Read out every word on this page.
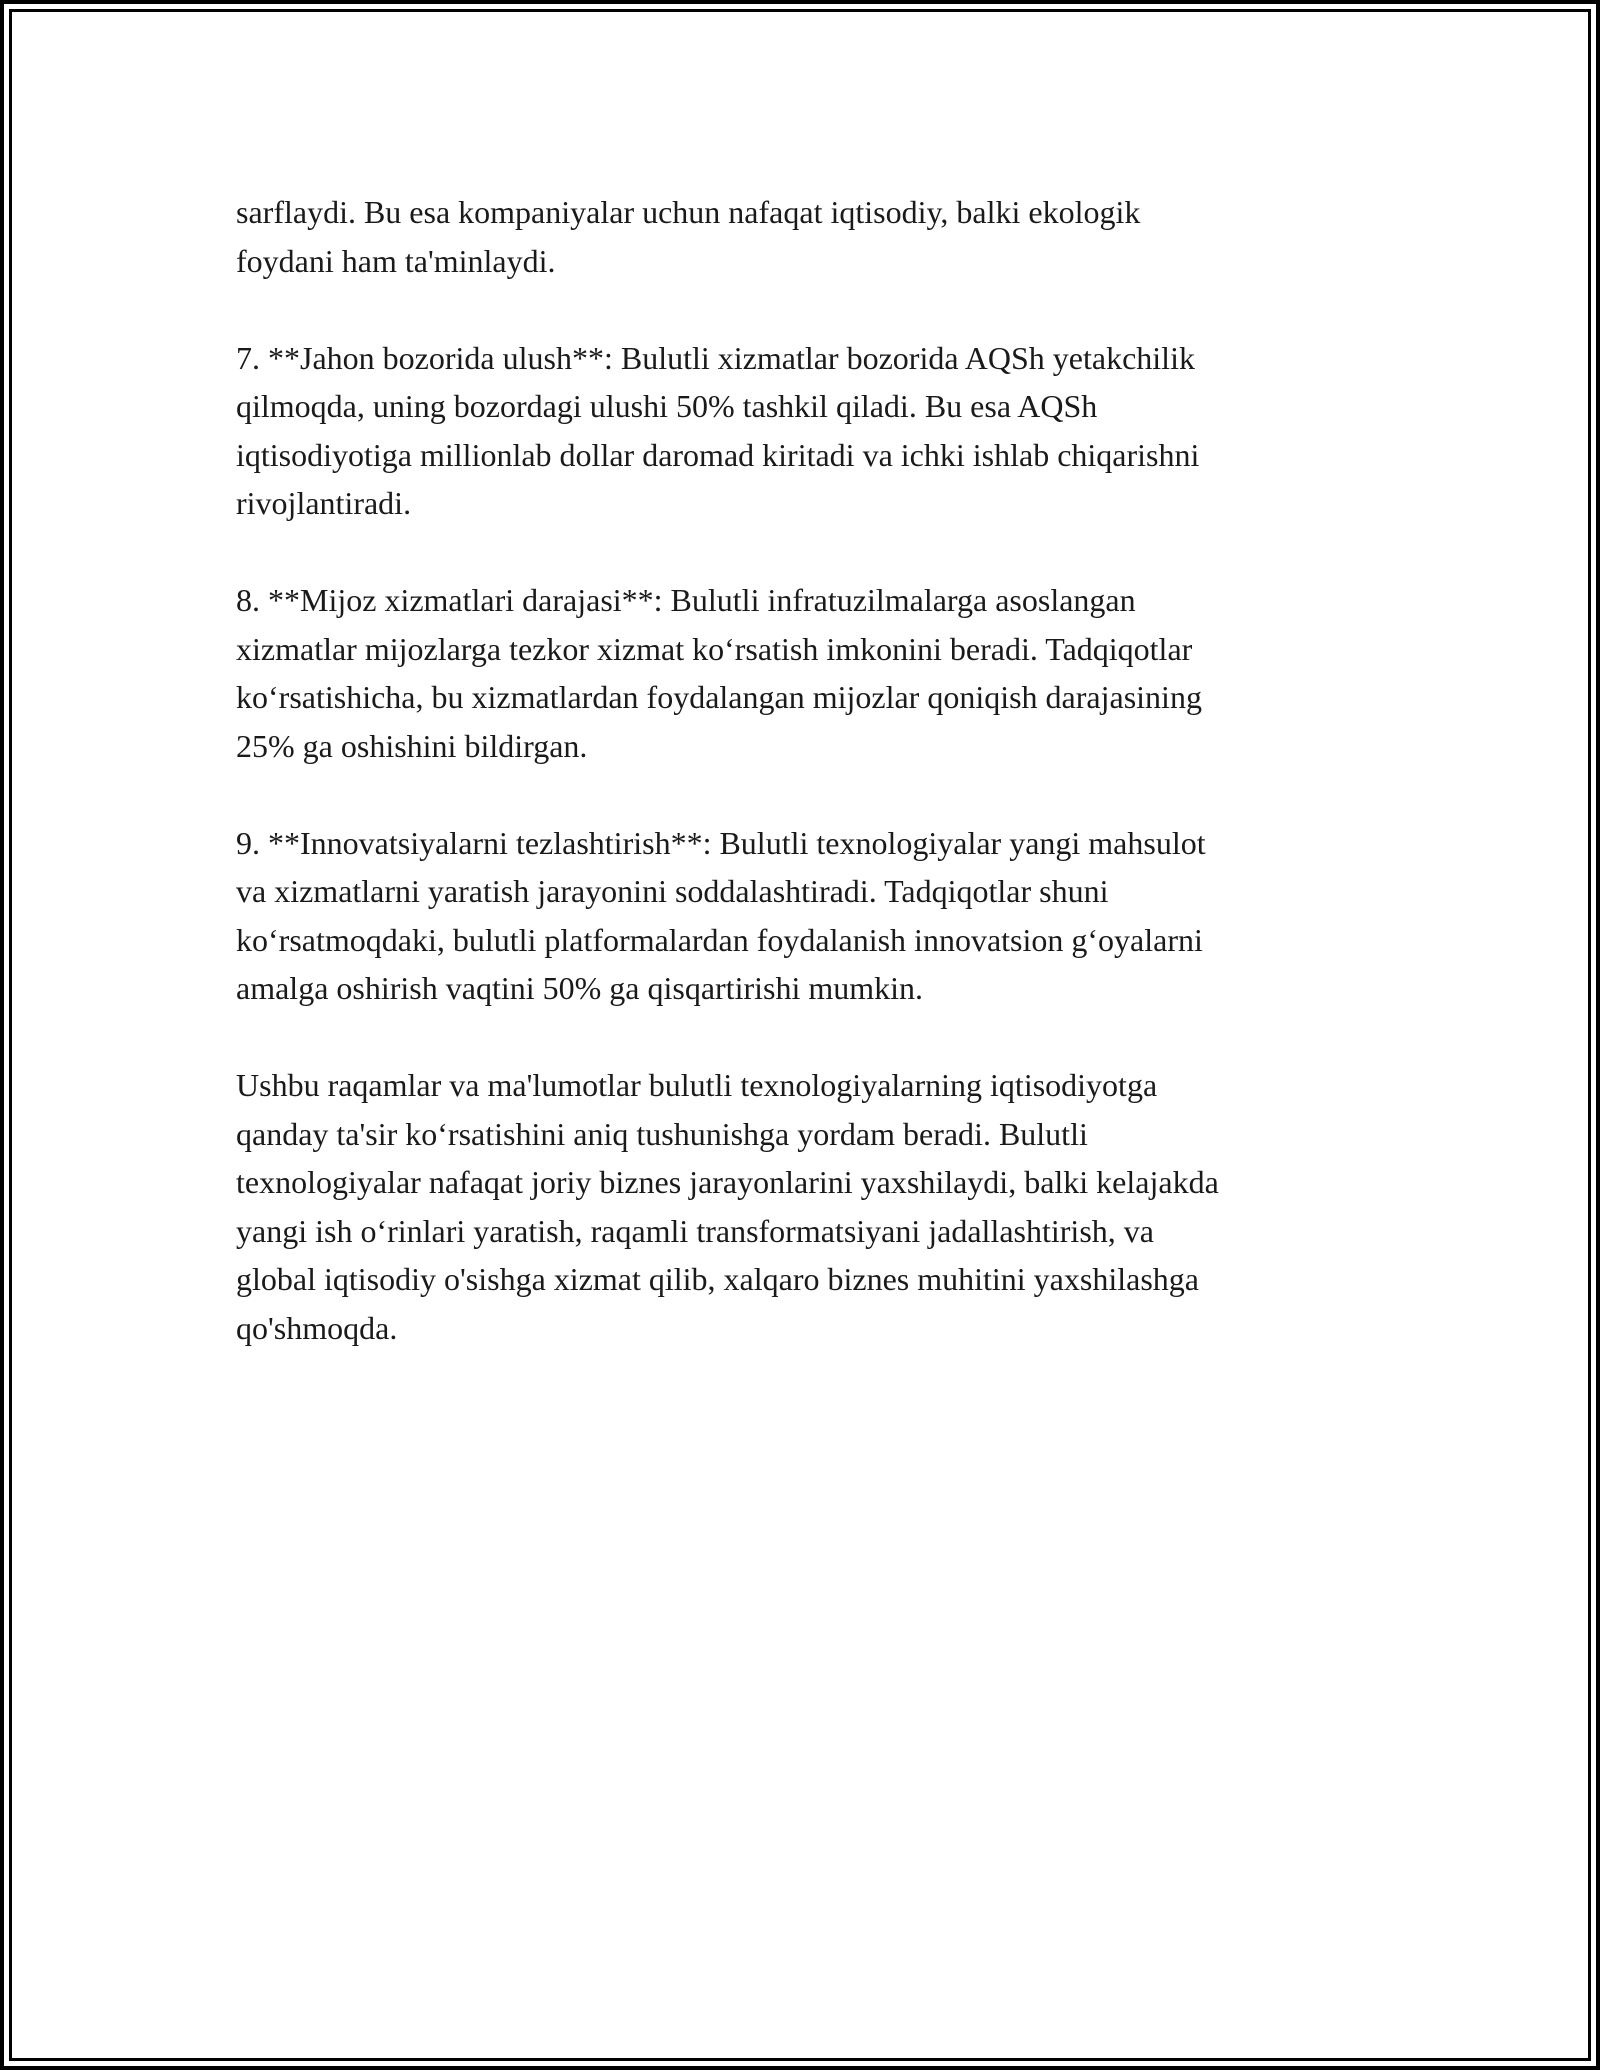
sarflaydi. Bu esa kompaniyalar uchun nafaqat iqtisodiy, balki ekologik
foydani ham ta'minlaydi.

7. **Jahon bozorida ulush**: Bulutli xizmatlar bozorida AQSh yetakchilik
qilmoqda, uning bozordagi ulushi 50% tashkil qiladi. Bu esa AQSh
iqtisodiyotiga millionlab dollar daromad kiritadi va ichki ishlab chiqarishni
rivojlantiradi.

8. **Mijoz xizmatlari darajasi**: Bulutli infratuzilmalarga asoslangan
xizmatlar mijozlarga tezkor xizmat ko‘rsatish imkonini beradi. Tadqiqotlar
ko‘rsatishicha, bu xizmatlardan foydalangan mijozlar qoniqish darajasining
25% ga oshishini bildirgan.

9. **Innovatsiyalarni tezlashtirish**: Bulutli texnologiyalar yangi mahsulot
va xizmatlarni yaratish jarayonini soddalashtiradi. Tadqiqotlar shuni
ko‘rsatmoqdaki, bulutli platformalardan foydalanish innovatsion g‘oyalarni
amalga oshirish vaqtini 50% ga qisqartirishi mumkin.

Ushbu raqamlar va ma'lumotlar bulutli texnologiyalarning iqtisodiyotga
qanday ta'sir ko‘rsatishini aniq tushunishga yordam beradi. Bulutli
texnologiyalar nafaqat joriy biznes jarayonlarini yaxshilaydi, balki kelajakda
yangi ish o‘rinlari yaratish, raqamli transformatsiyani jadallashtirish, va
global iqtisodiy o'sishga xizmat qilib, xalqaro biznes muhitini yaxshilashga
qo'shmoqda.
